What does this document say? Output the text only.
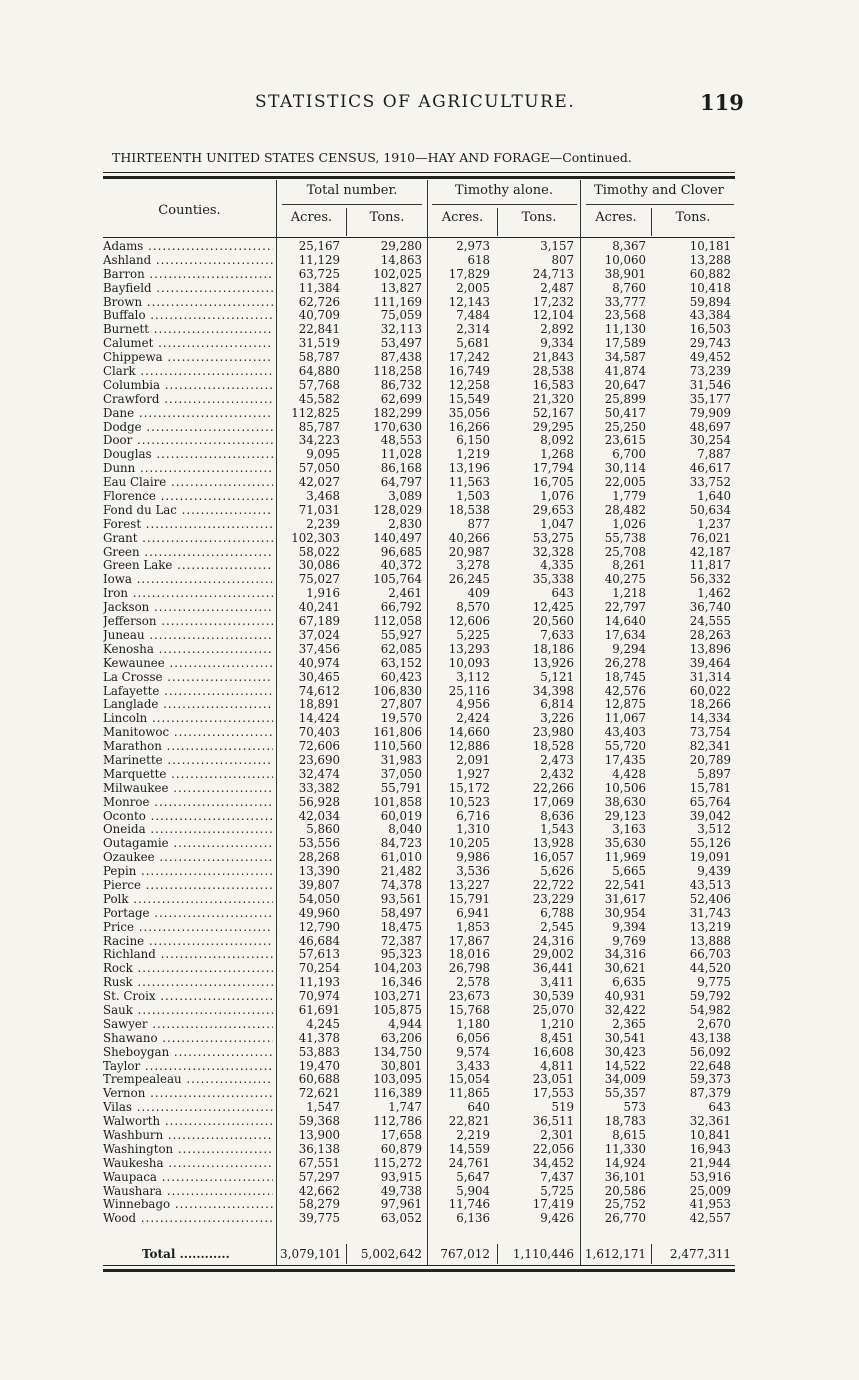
STATISTICS OF AGRICULTURE.	119
THIRTEENTH UNITED STATES CENSUS, 1910—HAY AND FORAGE—Continued.
Counties.
Total number.	Timothy alone.	Timothy and Clover
Acres.	Tons.	Acres.	Tons.	Acres.	Tons.
Adams .....	25,167	29,280	2,973	3,157	8,367	10,181
Ashland .....	11,129	14,863	618	807	10,060	13,288
Barron .....	63,725	102,025	17,829	24,713	38,901	60,882
Bayfield .....	11,384	13,827	2,005	2,487	8,760	10,418
Brown .....	62,726	111,169	12,143	17,232	33,777	59,894
Buffalo .....	40,709	75,059	7,484	12,104	23,568	43,384
Burnett .....	22,841	32,113	2,314	2,892	11,130	16,503
Calumet .....	31,519	53,497	5,681	9,334	17,589	29,743
Chippewa .....	58,787	87,438	17,242	21,843	34,587	49,452
Clark .....	64,880	118,258	16,749	28,538	41,874	73,239
Columbia .....	57,768	86,732	12,258	16,583	20,647	31,546
Crawford .....	45,582	62,699	15,549	21,320	25,899	35,177
Dane .....	112,825	182,299	35,056	52,167	50,417	79,909
Dodge .....	85,787	170,630	16,266	29,295	25,250	48,697
Door .....	34,223	48,553	6,150	8,092	23,615	30,254
Douglas .....	9,095	11,028	1,219	1,268	6,700	7,887
Dunn .....	57,050	86,168	13,196	17,794	30,114	46,617
Eau Claire .....	42,027	64,797	11,563	16,705	22,005	33,752
Florence .....	3,468	3,089	1,503	1,076	1,779	1,640
Fond du Lac .....	71,031	128,029	18,538	29,653	28,482	50,634
Forest .....	2,239	2,830	877	1,047	1,026	1,237
Grant .....	102,303	140,497	40,266	53,275	55,738	76,021
Green .....	58,022	96,685	20,987	32,328	25,708	42,187
Green Lake .....	30,086	40,372	3,278	4,335	8,261	11,817
Iowa .....	75,027	105,764	26,245	35,338	40,275	56,332
Iron .....	1,916	2,461	409	643	1,218	1,462
Jackson .....	40,241	66,792	8,570	12,425	22,797	36,740
Jefferson .....	67,189	112,058	12,606	20,560	14,640	24,555
Juneau .....	37,024	55,927	5,225	7,633	17,634	28,263
Kenosha .....	37,456	62,085	13,293	18,186	9,294	13,896
Kewaunee .....	40,974	63,152	10,093	13,926	26,278	39,464
La Crosse .....	30,465	60,423	3,112	5,121	18,745	31,314
Lafayette .....	74,612	106,830	25,116	34,398	42,576	60,022
Langlade .....	18,891	27,807	4,956	6,814	12,875	18,266
Lincoln .....	14,424	19,570	2,424	3,226	11,067	14,334
Manitowoc .....	70,403	161,806	14,660	23,980	43,403	73,754
Marathon .....	72,606	110,560	12,886	18,528	55,720	82,341
Marinette .....	23,690	31,983	2,091	2,473	17,435	20,789
Marquette .....	32,474	37,050	1,927	2,432	4,428	5,897
Milwaukee .....	33,382	55,791	15,172	22,266	10,506	15,781
Monroe .....	56,928	101,858	10,523	17,069	38,630	65,764
Oconto .....	42,034	60,019	6,716	8,636	29,123	39,042
Oneida .....	5,860	8,040	1,310	1,543	3,163	3,512
Outagamie .....	53,556	84,723	10,205	13,928	35,630	55,126
Ozaukee .....	28,268	61,010	9,986	16,057	11,969	19,091
Pepin .....	13,390	21,482	3,536	5,626	5,665	9,439
Pierce .....	39,807	74,378	13,227	22,722	22,541	43,513
Polk .....	54,050	93,561	15,791	23,229	31,617	52,406
Portage .....	49,960	58,497	6,941	6,788	30,954	31,743
Price .....	12,790	18,475	1,853	2,545	9,394	13,219
Racine .....	46,684	72,387	17,867	24,316	9,769	13,888
Richland .....	57,613	95,323	18,016	29,002	34,316	66,703
Rock .....	70,254	104,203	26,798	36,441	30,621	44,520
Rusk .....	11,193	16,346	2,578	3,411	6,635	9,775
St. Croix .....	70,974	103,271	23,673	30,539	40,931	59,792
Sauk .....	61,691	105,875	15,768	25,070	32,422	54,982
Sawyer .....	4,245	4,944	1,180	1,210	2,365	2,670
Shawano .....	41,378	63,206	6,056	8,451	30,541	43,138
Sheboygan .....	53,883	134,750	9,574	16,608	30,423	56,092
Taylor .....	19,470	30,801	3,433	4,811	14,522	22,648
Trempealeau .....	60,688	103,095	15,054	23,051	34,009	59,373
Vernon .....	72,621	116,389	11,865	17,553	55,357	87,379
Vilas .....	1,547	1,747	640	519	573	643
Walworth .....	59,368	112,786	22,821	36,511	18,783	32,361
Washburn .....	13,900	17,658	2,219	2,301	8,615	10,841
Washington .....	36,138	60,879	14,559	22,056	11,330	16,943
Waukesha .....	67,551	115,272	24,761	34,452	14,924	21,944
Waupaca .....	57,297	93,915	5,647	7,437	36,101	53,916
Waushara .....	42,662	49,738	5,904	5,725	20,586	25,009
Winnebago .....	58,279	97,961	11,746	17,419	25,752	41,953
Wood .....	39,775	63,052	6,136	9,426	26,770	42,557
Total .....	3,079,101	5,002,642	767,012	1,110,446 1,612,171	2,477,311
